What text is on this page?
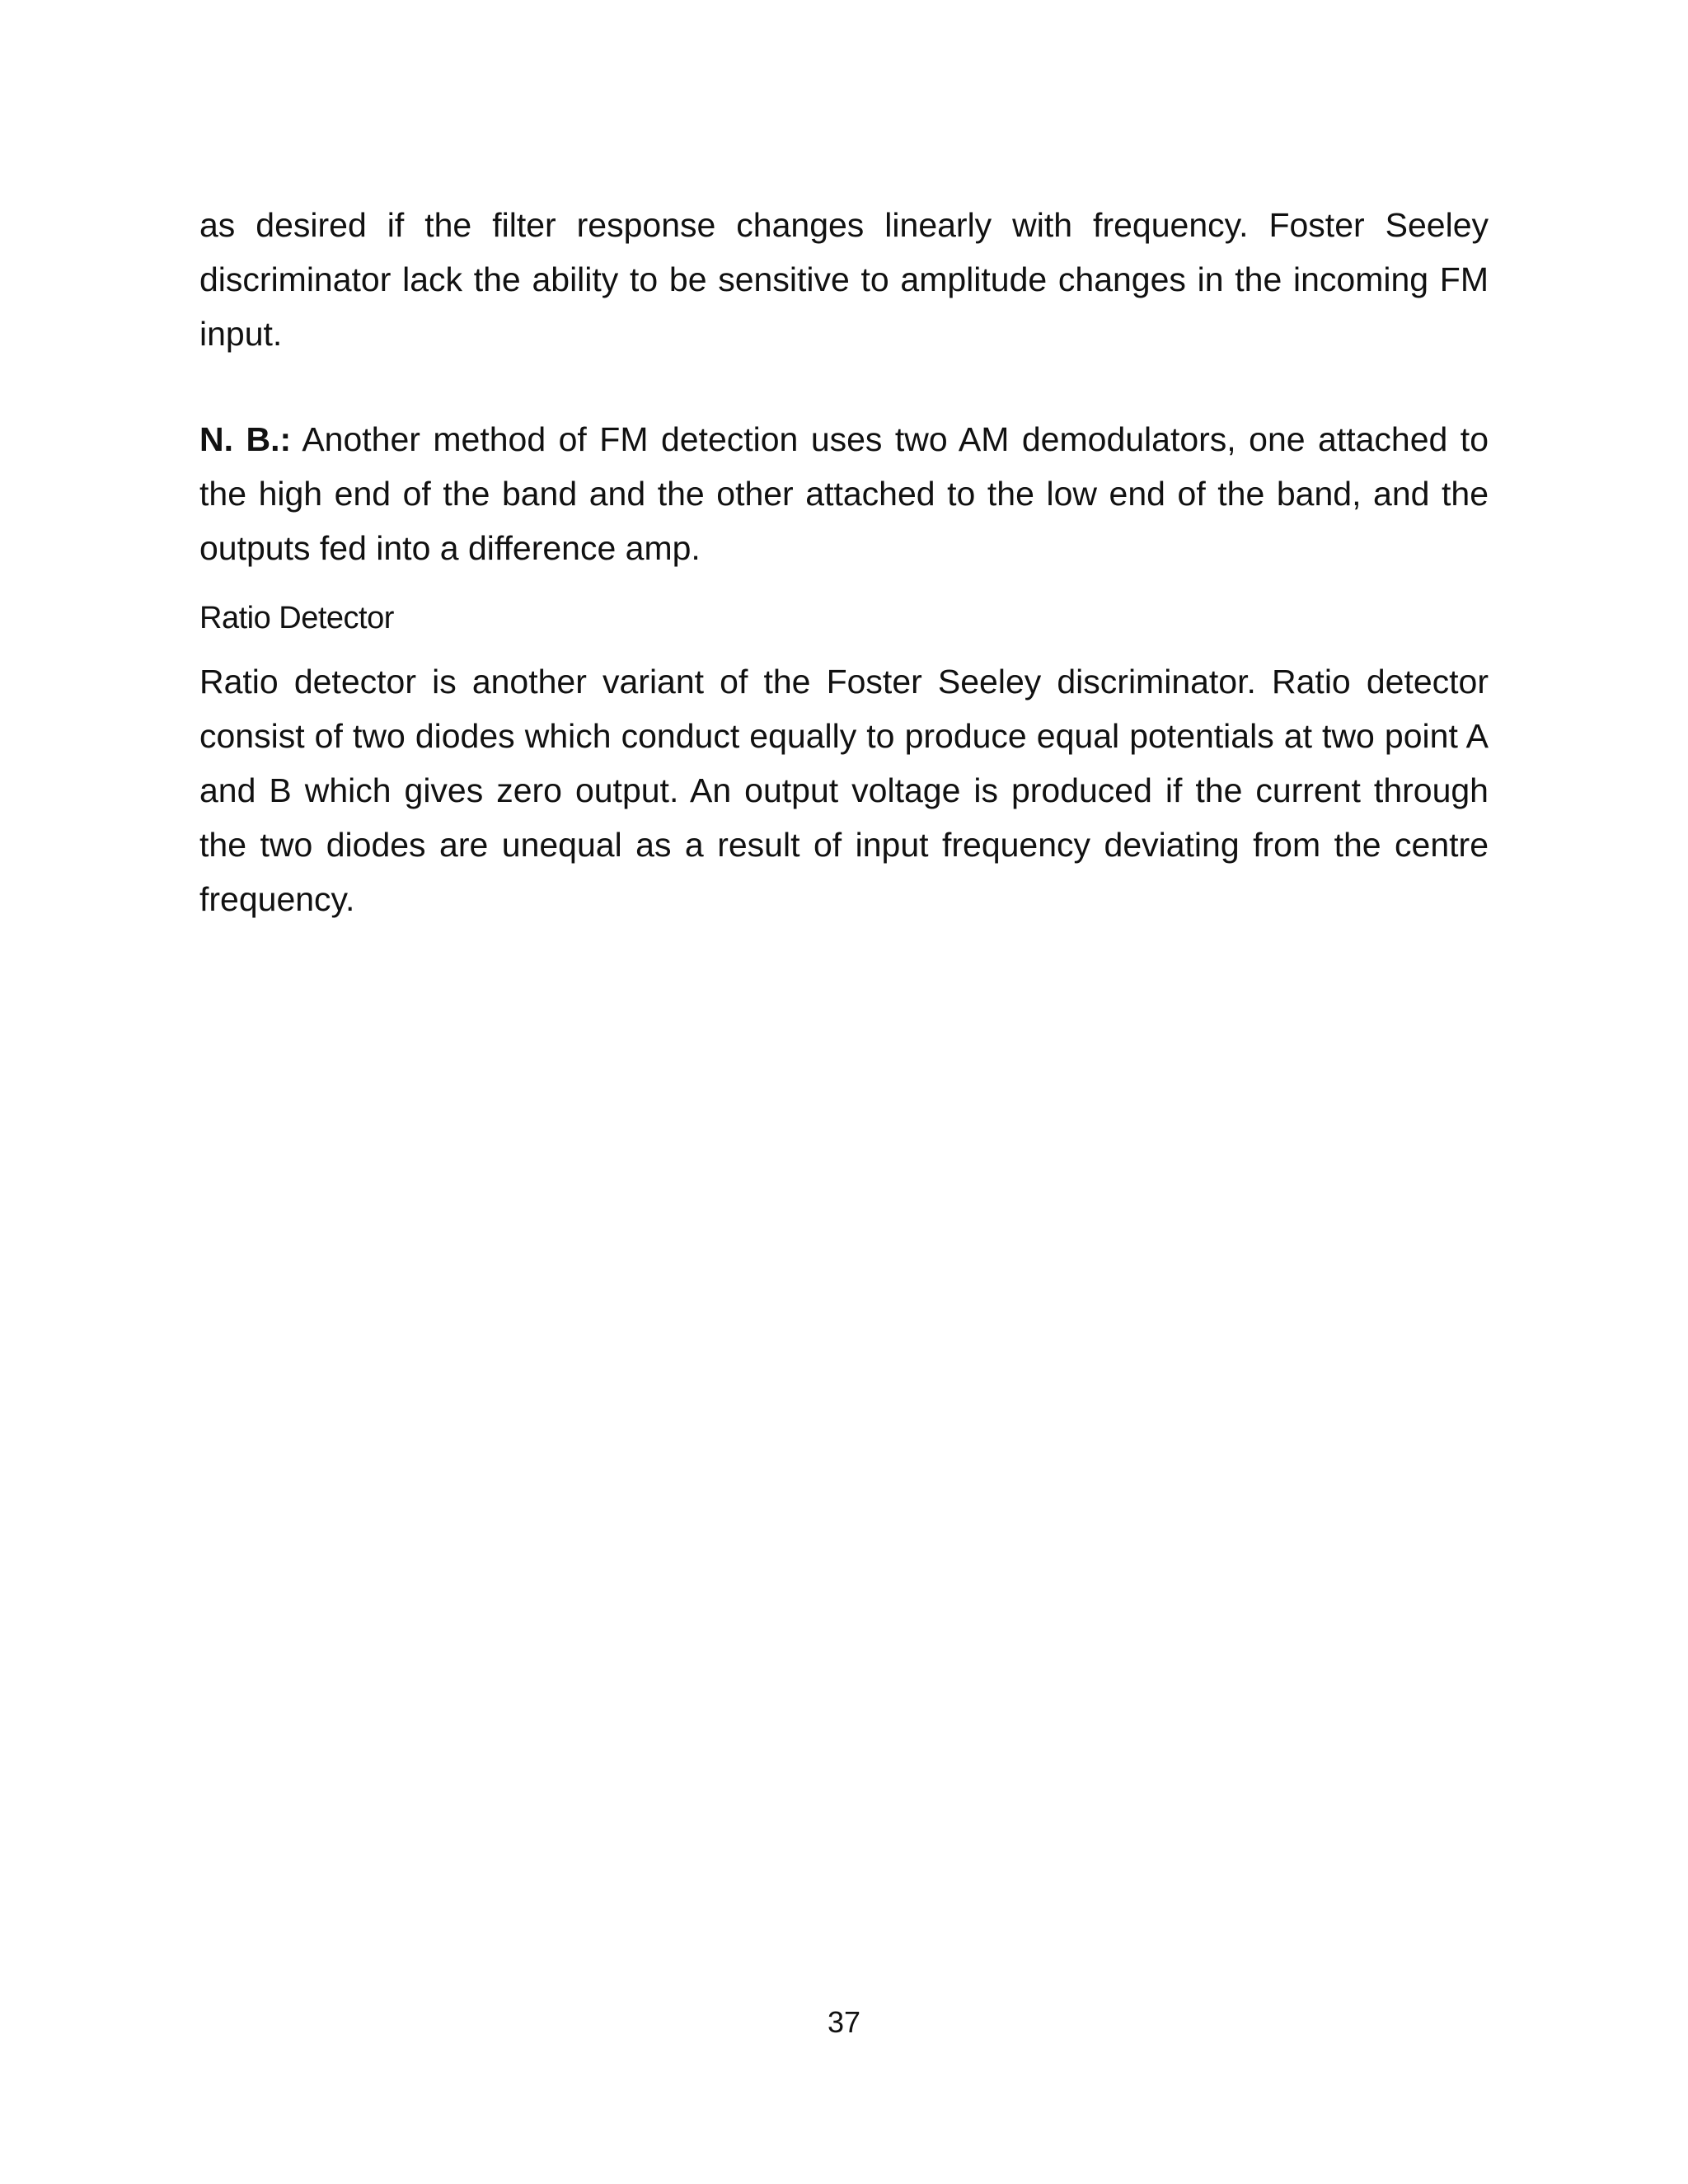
as desired if the filter response changes linearly with frequency. Foster Seeley discriminator lack the ability to be sensitive to amplitude changes in the incoming FM input.

N. B.: Another method of FM detection uses two AM demodulators, one attached to the high end of the band and the other attached to the low end of the band, and the outputs fed into a difference amp.

Ratio Detector

Ratio detector is another variant of the Foster Seeley discriminator. Ratio detector consist of two diodes which conduct equally to produce equal potentials at two point A and B which gives zero output. An output voltage is produced if the current through the two diodes are unequal as a result of input frequency deviating from the centre frequency.

37
